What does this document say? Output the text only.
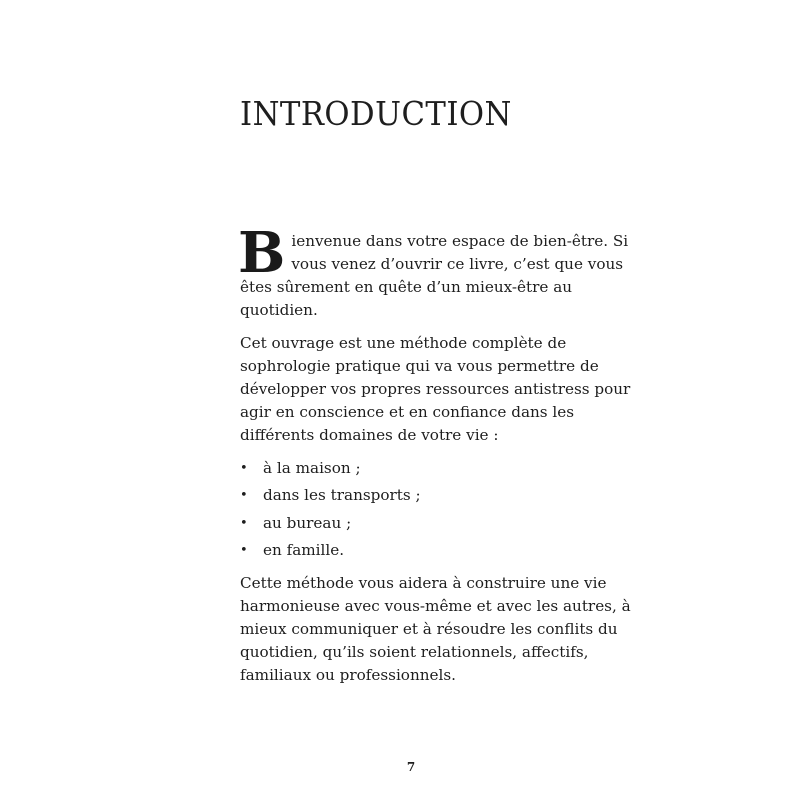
INTRODUCTION

Bienvenue dans votre espace de bien-être. Si vous venez d’ouvrir ce livre, c’est que vous êtes sûrement en quête d’un mieux-être au quotidien.

Cet ouvrage est une méthode complète de sophrologie pratique qui va vous permettre de développer vos propres ressources antistress pour agir en conscience et en confiance dans les différents domaines de votre vie :

• à la maison ;
• dans les transports ;
• au bureau ;
• en famille.

Cette méthode vous aidera à construire une vie harmonieuse avec vous-même et avec les autres, à mieux communiquer et à résoudre les conflits du quotidien, qu’ils soient relationnels, affectifs, familiaux ou professionnels.

7
